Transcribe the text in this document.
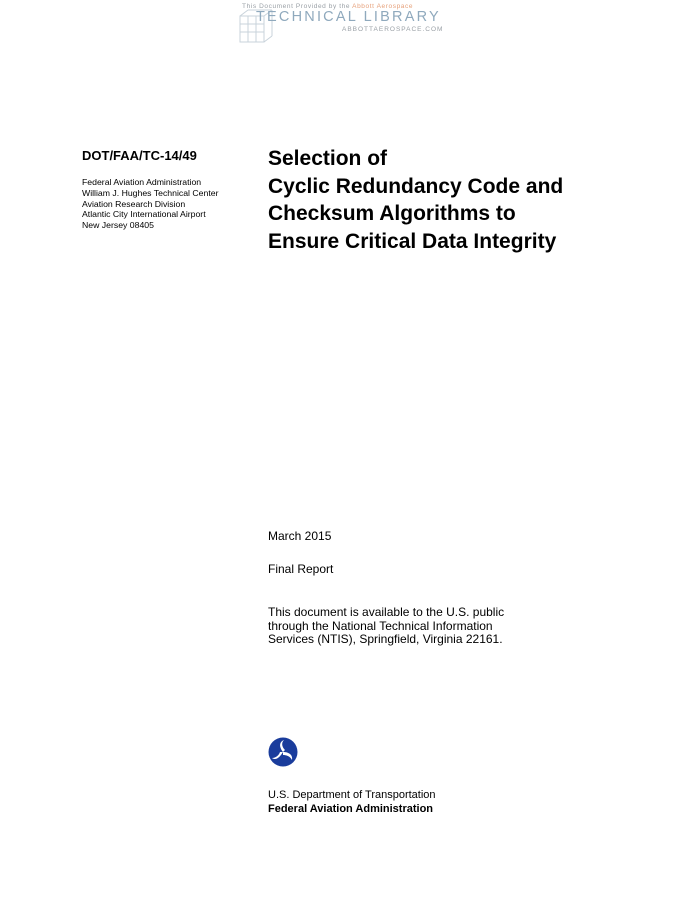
This Document Provided by the Abbott Aerospace
TECHNICAL LIBRARY
ABBOTTAEROSPACE.COM
DOT/FAA/TC-14/49
Federal Aviation Administration
William J. Hughes Technical Center
Aviation Research Division
Atlantic City International Airport
New Jersey 08405
Selection of
Cyclic Redundancy Code and
Checksum Algorithms to
Ensure Critical Data Integrity
March 2015
Final Report
This document is available to the U.S. public
through the National Technical Information
Services (NTIS), Springfield, Virginia 22161.
U.S. Department of Transportation
Federal Aviation Administration
